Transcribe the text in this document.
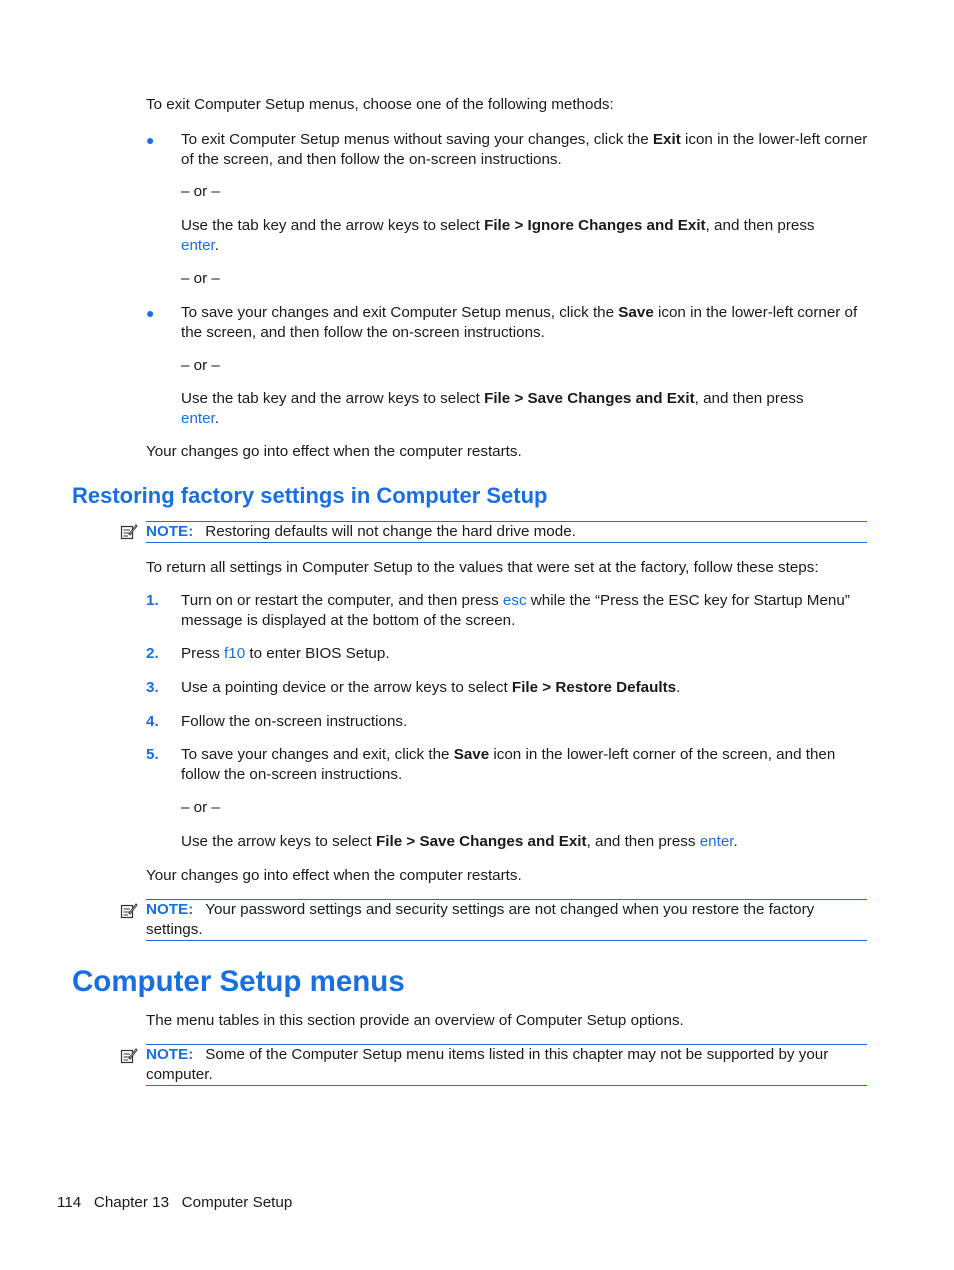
To exit Computer Setup menus, choose one of the following methods:
● To exit Computer Setup menus without saving your changes, click the Exit icon in the lower-left corner of the screen, and then follow the on-screen instructions.
– or –
Use the tab key and the arrow keys to select File > Ignore Changes and Exit, and then press
enter.
– or –
● To save your changes and exit Computer Setup menus, click the Save icon in the lower-left corner of the screen, and then follow the on-screen instructions.
– or –
Use the tab key and the arrow keys to select File > Save Changes and Exit, and then press
enter.
Your changes go into effect when the computer restarts.
Restoring factory settings in Computer Setup
NOTE: Restoring defaults will not change the hard drive mode.
To return all settings in Computer Setup to the values that were set at the factory, follow these steps:
1. Turn on or restart the computer, and then press esc while the “Press the ESC key for Startup Menu” message is displayed at the bottom of the screen.
2. Press f10 to enter BIOS Setup.
3. Use a pointing device or the arrow keys to select File > Restore Defaults.
4. Follow the on-screen instructions.
5. To save your changes and exit, click the Save icon in the lower-left corner of the screen, and then follow the on-screen instructions.
– or –
Use the arrow keys to select File > Save Changes and Exit, and then press enter.
Your changes go into effect when the computer restarts.
NOTE: Your password settings and security settings are not changed when you restore the factory settings.
Computer Setup menus
The menu tables in this section provide an overview of Computer Setup options.
NOTE: Some of the Computer Setup menu items listed in this chapter may not be supported by your computer.
114   Chapter 13   Computer Setup
